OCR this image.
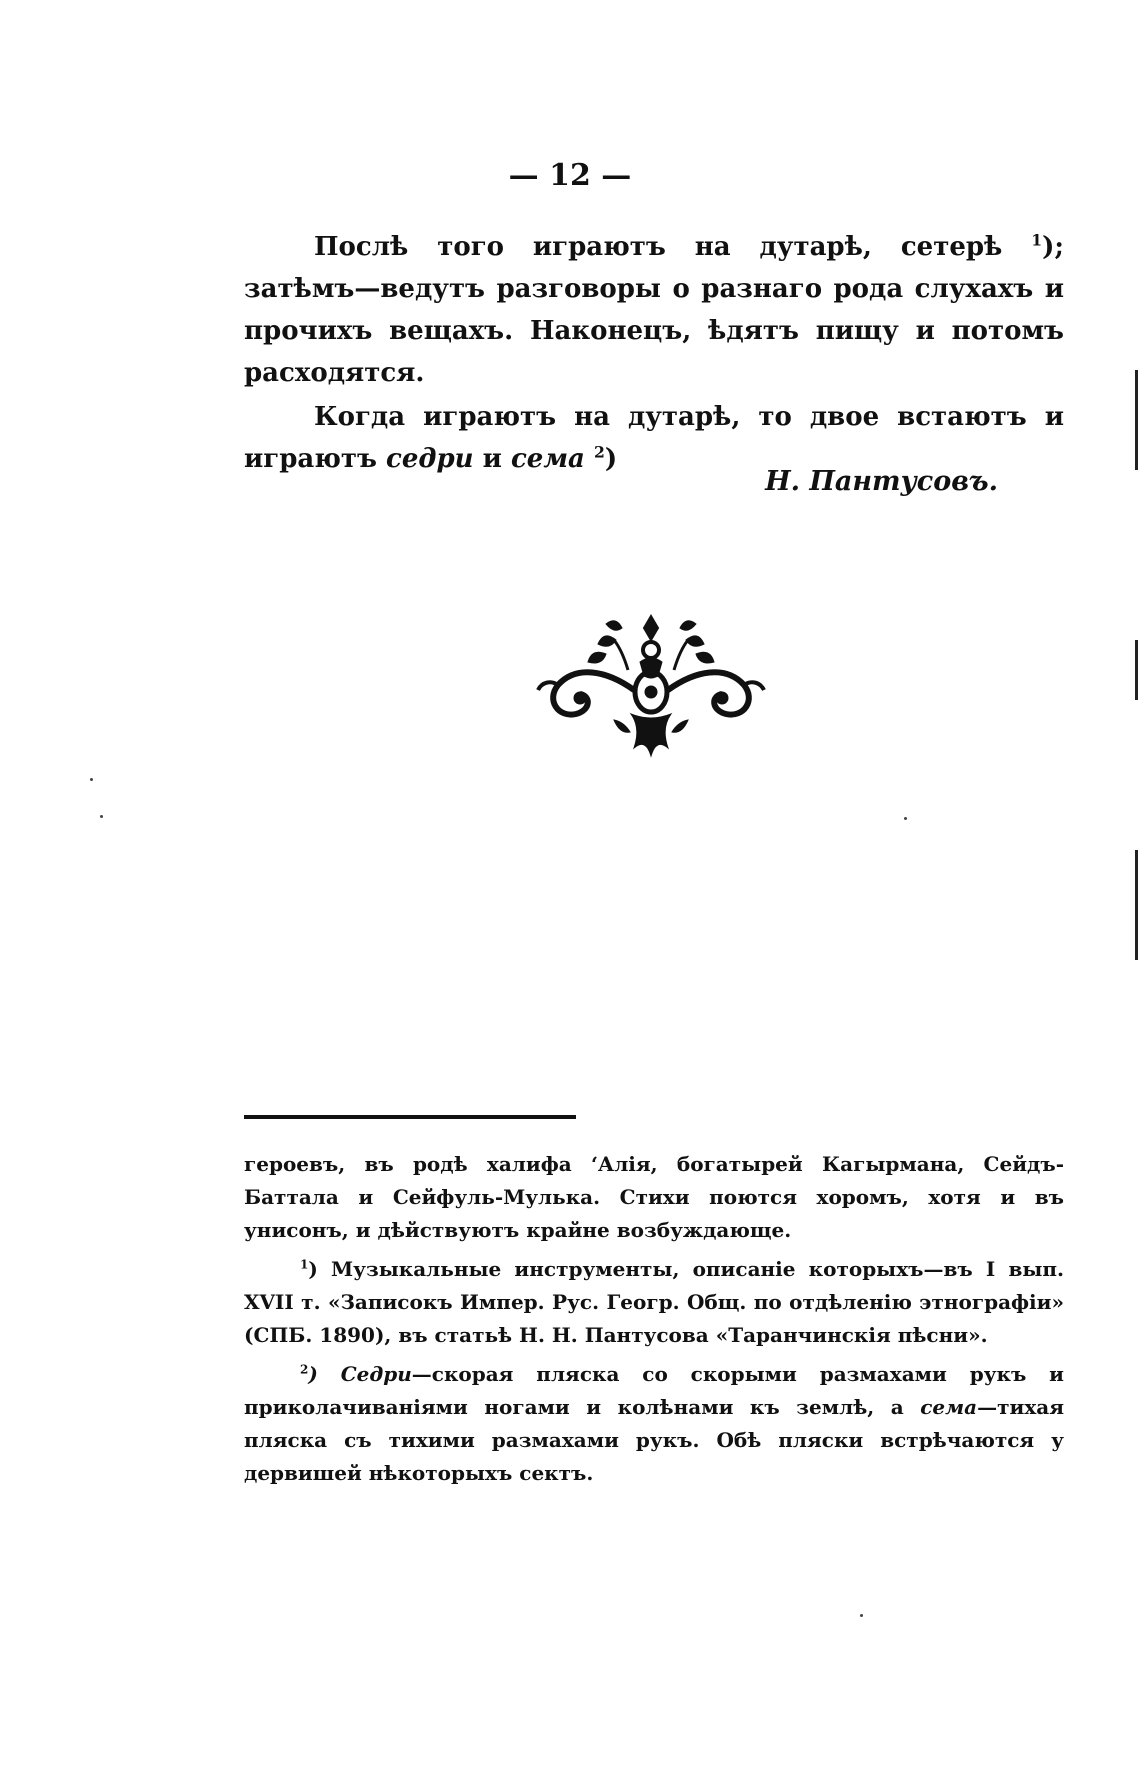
— 12 —

Послѣ того играютъ на дутарѣ, сетерѣ $^1$); затѣмъ—ведутъ разговоры о разнаго рода слухахъ и прочихъ вещахъ. Наконецъ, ѣдятъ пищу и потомъ расходятся.

Когда играютъ на дутарѣ, то двое встаютъ и играютъ седри и сема $^2$)

Н. Пантусовъ.

героевъ, въ родѣ халифа ‘Алія, богатырей Кагырмана, Сейдъ-Баттала и Сейфуль-Мулька. Стихи поются хоромъ, хотя и въ унисонъ, и дѣйствуютъ крайне возбуждающе.

$^1$) Музыкальные инструменты, описаніе которыхъ—въ I вып. XVII т. «Записокъ Импер. Рус. Геогр. Общ. по отдѣленію этнографіи» (СПБ. 1890), въ статьѣ Н. Н. Пантусова «Таранчинскія пѣсни».

$^2$) Седри—скорая пляска со скорыми размахами рукъ и приколачиваніями ногами и колѣнами къ землѣ, а сема—тихая пляска съ тихими размахами рукъ. Обѣ пляски встрѣчаются у дервишей нѣкоторыхъ сектъ.
